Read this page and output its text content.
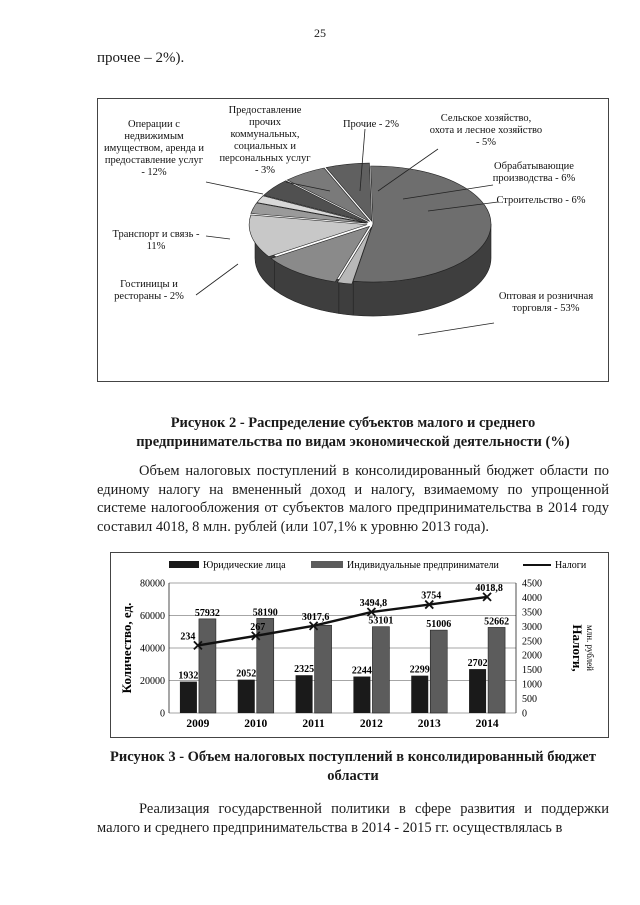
25
прочее – 2%).
Операции с недвижимым имуществом, аренда и предоставление услуг - 12%
Предоставление прочих коммунальных, социальных и персональных услуг - 3%
Прочие - 2%
Сельское хозяйство, охота и лесное хозяйство - 5%
Обрабатывающие производства - 6%
Строительство - 6%
Транспорт и связь - 11%
Гостиницы и рестораны - 2%	Оптовая и розничная торговля - 53%
Рисунок 2 - Распределение субъектов малого и среднего предпринимательства по видам экономической деятельности (%)
Объем налоговых поступлений в консолидированный бюджет области по единому налогу на вмененный доход и налогу, взимаемому по упрощенной системе налогообложения от субъектов малого предпринимательства в 2014 году составил 4018, 8 млн. рублей (или 107,1% к уровню 2013 года).
Юридические лица	Индивидуальные предприниматели	Налоги
0
20000
40000
60000
80000
0
500
1000
1500
2000
2500
3000
3500
4000
4500
Количество, ед.	Налоги, млн. рублей
1932
57932
2009
2052
58190
2010
2325
2011
2244
53101
2012
2299
51006
2013
2702
52662
2014
234
267
3017,6
3494,8
3754
4018,8
Рисунок 3 - Объем налоговых поступлений в консолидированный бюджет области
Реализация государственной политики в сфере развития и поддержки малого и среднего предпринимательства в 2014 - 2015 гг. осуществлялась в
